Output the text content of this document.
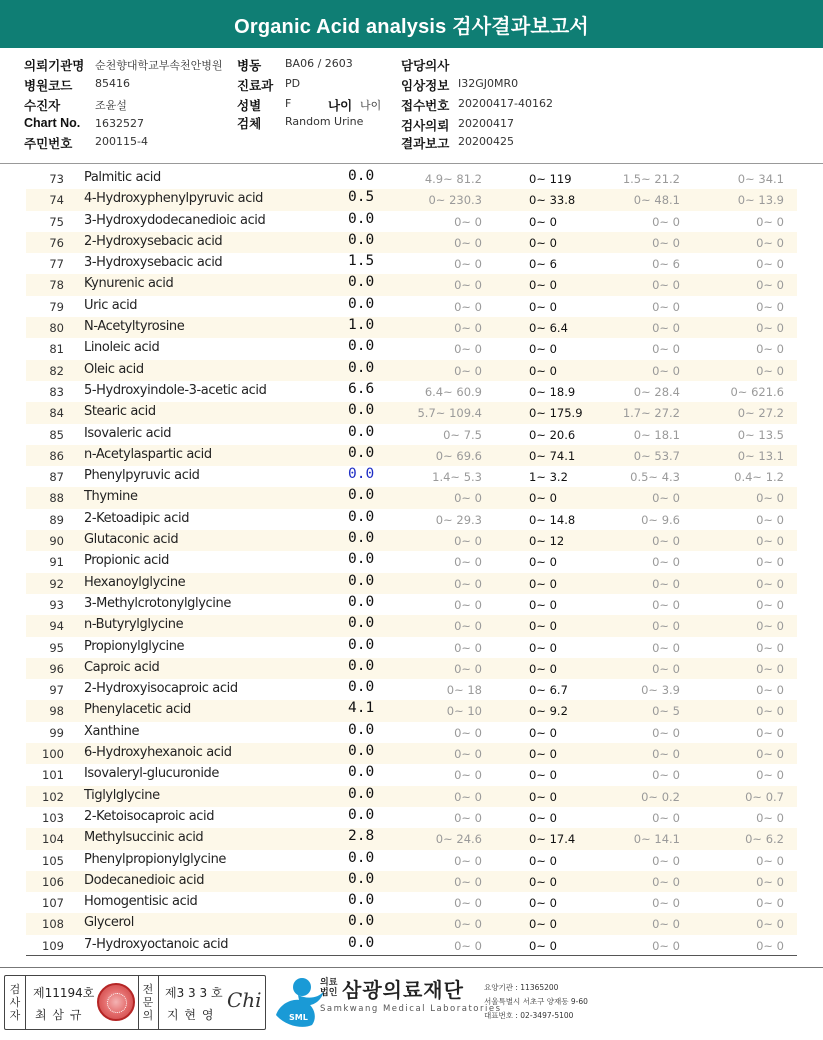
Organic Acid analysis 검사결과보고서
의뢰기관명 순천향대학교부속천안병원 병동 BA06 / 2603	담당의사
병원코드 85416	진료과 PD	임상정보 I32GJ0MR0
수진자	조윤설	성별 F	나이 나이 접수번호 20200417-40162
Chart No. 1632527	검체 Random Urine	검사의뢰 20200417
주민번호 200115-4	결과보고 20200425
73 Palmitic acid	0.0	4.9~ 81.2	0~ 119	1.5~ 21.2	0~ 34.1
74 4-Hydroxyphenylpyruvic acid	0.5	0~ 230.3	0~ 33.8	0~ 48.1	0~ 13.9
75 3-Hydroxydodecanedioic acid	0.0	0~ 0	0~ 0	0~ 0	0~ 0
76 2-Hydroxysebacic acid	0.0	0~ 0	0~ 0	0~ 0	0~ 0
77 3-Hydroxysebacic acid	1.5	0~ 0	0~ 6	0~ 6	0~ 0
78 Kynurenic acid	0.0	0~ 0	0~ 0	0~ 0	0~ 0
79 Uric acid	0.0	0~ 0	0~ 0	0~ 0	0~ 0
80 N-Acetyltyrosine	1.0	0~ 0	0~ 6.4	0~ 0	0~ 0
81 Linoleic acid	0.0	0~ 0	0~ 0	0~ 0	0~ 0
82 Oleic acid	0.0	0~ 0	0~ 0	0~ 0	0~ 0
83 5-Hydroxyindole-3-acetic acid	6.6	6.4~ 60.9	0~ 18.9	0~ 28.4	0~ 621.6
84 Stearic acid	0.0	5.7~ 109.4	0~ 175.9	1.7~ 27.2	0~ 27.2
85 Isovaleric acid	0.0	0~ 7.5	0~ 20.6	0~ 18.1	0~ 13.5
86 n-Acetylaspartic acid	0.0	0~ 69.6	0~ 74.1	0~ 53.7	0~ 13.1
87 Phenylpyruvic acid	0.0	1.4~ 5.3	1~ 3.2	0.5~ 4.3	0.4~ 1.2
88 Thymine	0.0	0~ 0	0~ 0	0~ 0	0~ 0
89 2-Ketoadipic acid	0.0	0~ 29.3	0~ 14.8	0~ 9.6	0~ 0
90 Glutaconic acid	0.0	0~ 0	0~ 12	0~ 0	0~ 0
91 Propionic acid	0.0	0~ 0	0~ 0	0~ 0	0~ 0
92 Hexanoylglycine	0.0	0~ 0	0~ 0	0~ 0	0~ 0
93 3-Methylcrotonylglycine	0.0	0~ 0	0~ 0	0~ 0	0~ 0
94 n-Butyrylglycine	0.0	0~ 0	0~ 0	0~ 0	0~ 0
95 Propionylglycine	0.0	0~ 0	0~ 0	0~ 0	0~ 0
96 Caproic acid	0.0	0~ 0	0~ 0	0~ 0	0~ 0
97 2-Hydroxyisocaproic acid	0.0	0~ 18	0~ 6.7	0~ 3.9	0~ 0
98 Phenylacetic acid	4.1	0~ 10	0~ 9.2	0~ 5	0~ 0
99 Xanthine	0.0	0~ 0	0~ 0	0~ 0	0~ 0
100 6-Hydroxyhexanoic acid	0.0	0~ 0	0~ 0	0~ 0	0~ 0
101 Isovaleryl-glucuronide	0.0	0~ 0	0~ 0	0~ 0	0~ 0
102 Tiglylglycine	0.0	0~ 0	0~ 0	0~ 0.2	0~ 0.7
103 2-Ketoisocaproic acid	0.0	0~ 0	0~ 0	0~ 0	0~ 0
104 Methylsuccinic acid	2.8	0~ 24.6	0~ 17.4	0~ 14.1	0~ 6.2
105 Phenylpropionylglycine	0.0	0~ 0	0~ 0	0~ 0	0~ 0
106 Dodecanedioic acid	0.0	0~ 0	0~ 0	0~ 0	0~ 0
107 Homogentisic acid	0.0	0~ 0	0~ 0	0~ 0	0~ 0
108 Glycerol	0.0	0~ 0	0~ 0	0~ 0	0~ 0
109 7-Hydroxyoctanoic acid	0.0	0~ 0	0~ 0	0~ 0	0~ 0
검사자
제11194호
최 삼 규
전문의
제3 3 3 호
지 현 영
Chi
SML
의료법인 삼광의료재단
Samkwang Medical Laboratories
요양기관 : 11365200
서울특별시 서초구 양재동 9-60
대표번호 : 02-3497-5100
